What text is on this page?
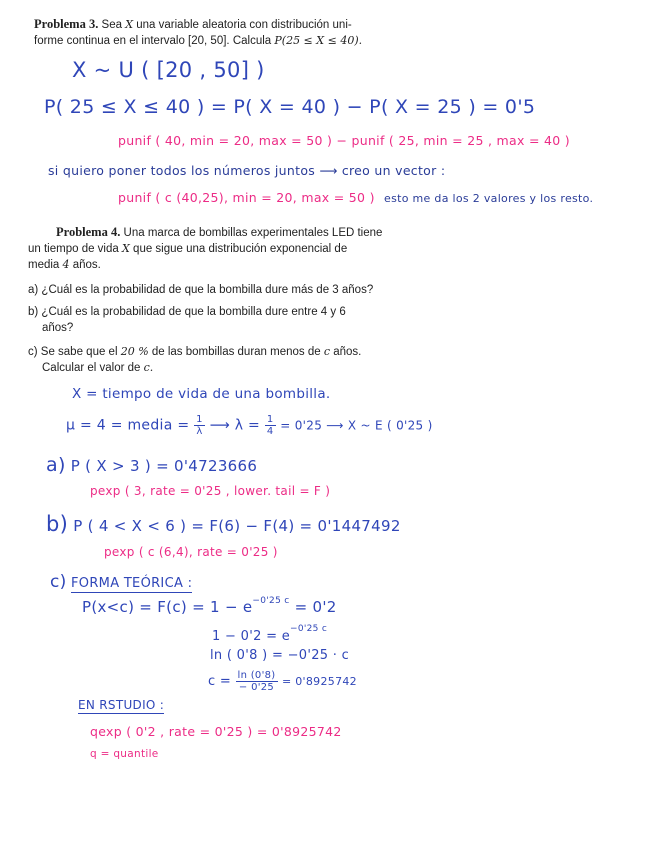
Problema 3. Sea X una variable aleatoria con distribución uni-
forme continua en el intervalo [20, 50]. Calcula P(25 ≤ X ≤ 40).
X ~ U ( [20 , 50] )
P( 25 ≤ X ≤ 40 ) = P( X = 40 ) − P( X = 25 ) = 0'5
punif ( 40, min = 20, max = 50 ) − punif ( 25, min = 25 , max = 40 )
si quiero poner todos los números juntos ⟶ creo un vector :
punif ( c (40,25), min = 20, max = 50 ) esto me da los 2 valores y los resto.
Problema 4. Una marca de bombillas experimentales LED tiene
un tiempo de vida X que sigue una distribución exponencial de
media 4 años.
a) ¿Cuál es la probabilidad de que la bombilla dure más de 3 años?
b) ¿Cuál es la probabilidad de que la bombilla dure entre 4 y 6
años?
c) Se sabe que el 20 % de las bombillas duran menos de c años.
Calcular el valor de c.
X = tiempo de vida de una bombilla.
μ = 4 = media = $\frac{1}{\lambda}$ ⟶ $\lambda = \frac{1}{4} = 0'25$ ⟶ X ~ E ( 0'25 )
a) P ( X > 3 ) = 0'4723666
pexp ( 3, rate = 0'25 , lower. tail = F )
b) P ( 4 < X < 6 ) = F(6) − F(4) = 0'1447492
pexp ( c (6,4), rate = 0'25 )
c) FORMA TEÓRICA :
$P(x<c) = F(c) = 1 - e^{-0'25 c} = 0'2$
$1 - 0'2 = e^{-0'25 c}$
ln ( 0'8 ) = −0'25 · c
$c = \frac{\ln (0'8)}{- 0'25} = 0'8925742$
EN RSTUDIO :
qexp ( 0'2 , rate = 0'25 ) = 0'8925742
q = quantile
